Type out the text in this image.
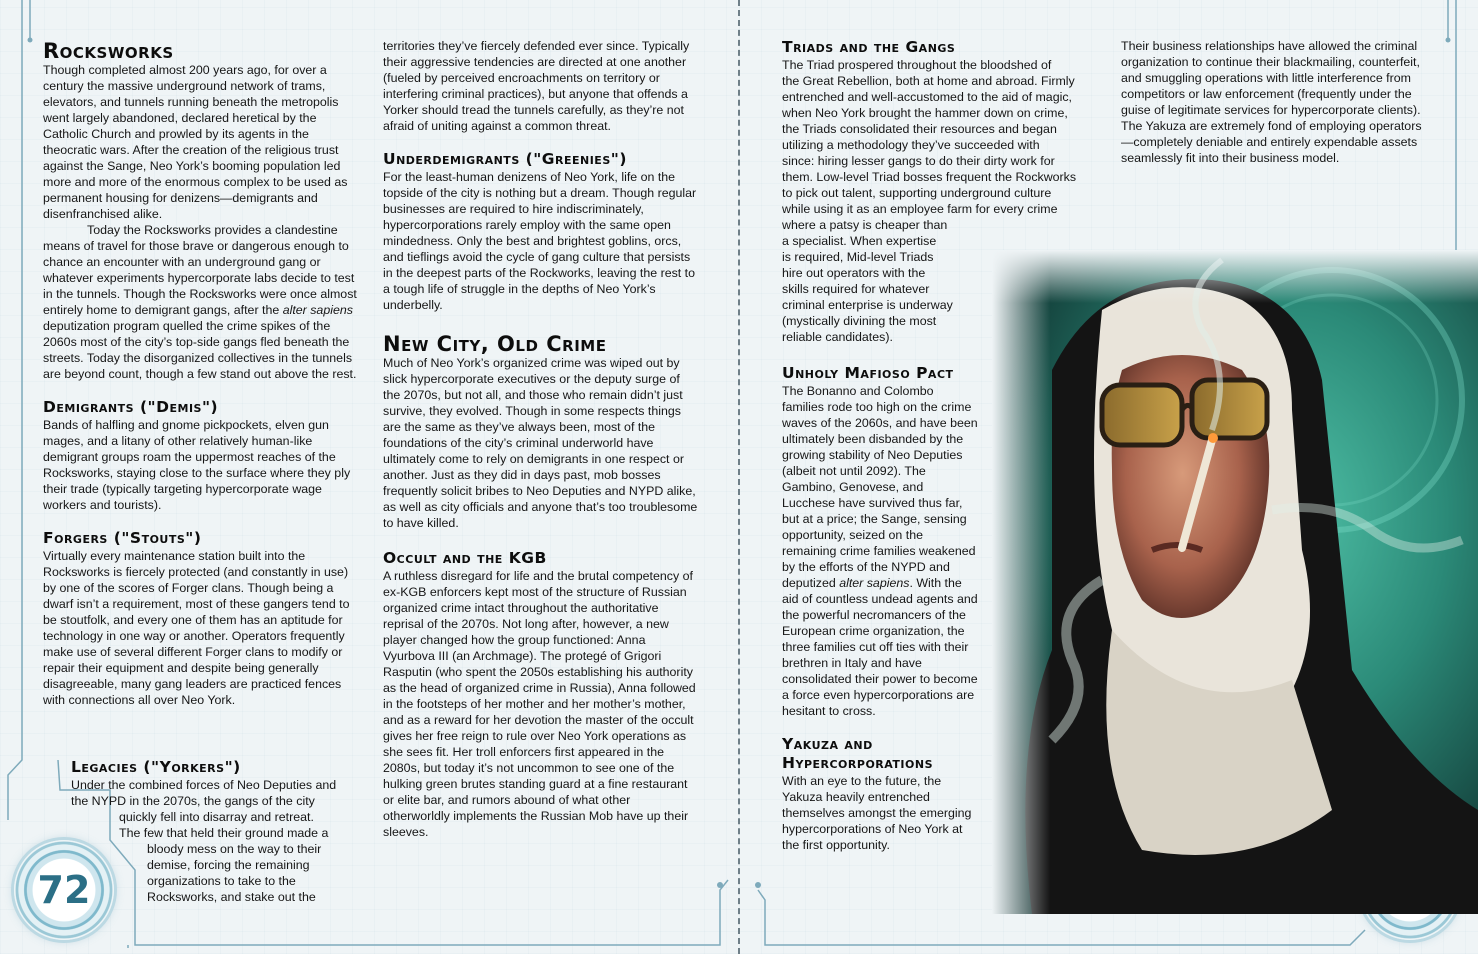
72
Rocksworks

Though completed almost 200 years ago, for over a century the massive underground network of trams, elevators, and tunnels running beneath the metropolis went largely abandoned, declared heretical by the Catholic Church and prowled by its agents in the theocratic wars. After the creation of the religious trust against the Sange, Neo York’s booming population led more and more of the enormous complex to be used as permanent housing for denizens—demigrants and disenfranchised alike.

Today the Rocksworks provides a clandestine means of travel for those brave or dangerous enough to chance an encounter with an underground gang or whatever experiments hypercorporate labs decide to test in the tunnels. Though the Rocksworks were once almost entirely home to demigrant gangs, after the alter sapiens deputization program quelled the crime spikes of the 2060s most of the city’s top-side gangs fled beneath the streets. Today the disorganized collectives in the tunnels are beyond count, though a few stand out above the rest.

Demigrants ("Demis")

Bands of halfling and gnome pickpockets, elven gun mages, and a litany of other relatively human-like demigrant groups roam the uppermost reaches of the Rocksworks, staying close to the surface where they ply their trade (typically targeting hypercorporate wage workers and tourists).

Forgers ("Stouts")

Virtually every maintenance station built into the Rocksworks is fiercely protected (and constantly in use) by one of the scores of Forger clans. Though being a dwarf isn’t a requirement, most of these gangers tend to be stoutfolk, and every one of them has an aptitude for technology in one way or another. Operators frequently make use of several different Forger clans to modify or repair their equipment and despite being generally disagreeable, many gang leaders are practiced fences with connections all over Neo York.

Legacies ("Yorkers")
Under the combined forces of Neo Deputies and
the NYPD in the 2070s, the gangs of the city
quickly fell into disarray and retreat.
The few that held their ground made a
bloody mess on the way to their
demise, forcing the remaining
organizations to take to the
Rocksworks, and stake out the

territories they’ve fiercely defended ever since. Typically their aggressive tendencies are directed at one another (fueled by perceived encroachments on territory or interfering criminal practices), but anyone that offends a Yorker should tread the tunnels carefully, as they’re not afraid of uniting against a common threat.

Underdemigrants ("Greenies")

For the least-human denizens of Neo York, life on the topside of the city is nothing but a dream. Though regular businesses are required to hire indiscriminately, hypercorporations rarely employ with the same open mindedness. Only the best and brightest goblins, orcs, and tieflings avoid the cycle of gang culture that persists in the deepest parts of the Rockworks, leaving the rest to a tough life of struggle in the depths of Neo York’s underbelly.

New City, Old Crime

Much of Neo York’s organized crime was wiped out by slick hypercorporate executives or the deputy surge of the 2070s, but not all, and those who remain didn’t just survive, they evolved. Though in some respects things are the same as they’ve always been, most of the foundations of the city’s criminal underworld have ultimately come to rely on demigrants in one respect or another. Just as they did in days past, mob bosses frequently solicit bribes to Neo Deputies and NYPD alike, as well as city officials and anyone that’s too troublesome to have killed.

Occult and the KGB

A ruthless disregard for life and the brutal competency of ex-KGB enforcers kept most of the structure of Russian organized crime intact throughout the authoritative reprisal of the 2070s. Not long after, however, a new player changed how the group functioned: Anna Vyurbova III (an Archmage). The protegé of Grigori Rasputin (who spent the 2050s establishing his authority as the head of organized crime in Russia), Anna followed in the footsteps of her mother and her mother’s mother, and as a reward for her devotion the master of the occult gives her free reign to rule over Neo York operations as she sees fit. Her troll enforcers first appeared in the 2080s, but today it’s not uncommon to see one of the hulking green brutes standing guard at a fine restaurant or elite bar, and rumors abound of what other otherworldly implements the Russian Mob have up their sleeves.

Triads and the Gangs
The Triad prospered throughout the bloodshed of
the Great Rebellion, both at home and abroad. Firmly
entrenched and well-accustomed to the aid of magic,
when Neo York brought the hammer down on crime,
the Triads consolidated their resources and began
utilizing a methodology they’ve succeeded with
since: hiring lesser gangs to do their dirty work for
them. Low-level Triad bosses frequent the Rockworks
to pick out talent, supporting underground culture
while using it as an employee farm for every crime
where a patsy is cheaper than
a specialist. When expertise
is required, Mid-level Triads
hire out operators with the
skills required for whatever
criminal enterprise is underway
(mystically divining the most
reliable candidates).
Unholy Mafioso Pact

The Bonanno and Colombo families rode too high on the crime waves of the 2060s, and have been ultimately been disbanded by the growing stability of Neo Deputies (albeit not until 2092). The Gambino, Genovese, and Lucchese have survived thus far, but at a price; the Sange, sensing opportunity, seized on the remaining crime families weakened by the efforts of the NYPD and deputized alter sapiens. With the aid of countless undead agents and the powerful necromancers of the European crime organization, the three families cut off ties with their brethren in Italy and have consolidated their power to become a force even hypercorporations are hesitant to cross.

Yakuza and Hypercorporations

With an eye to the future, the Yakuza heavily entrenched themselves amongst the emerging hypercorporations of Neo York at the first opportunity.

Their business relationships have allowed the criminal organization to continue their blackmailing, counterfeit, and smuggling operations with little interference from competitors or law enforcement (frequently under the guise of legitimate services for hypercorporate clients). The Yakuza are extremely fond of employing operators—completely deniable and entirely expendable assets seamlessly fit into their business model.
